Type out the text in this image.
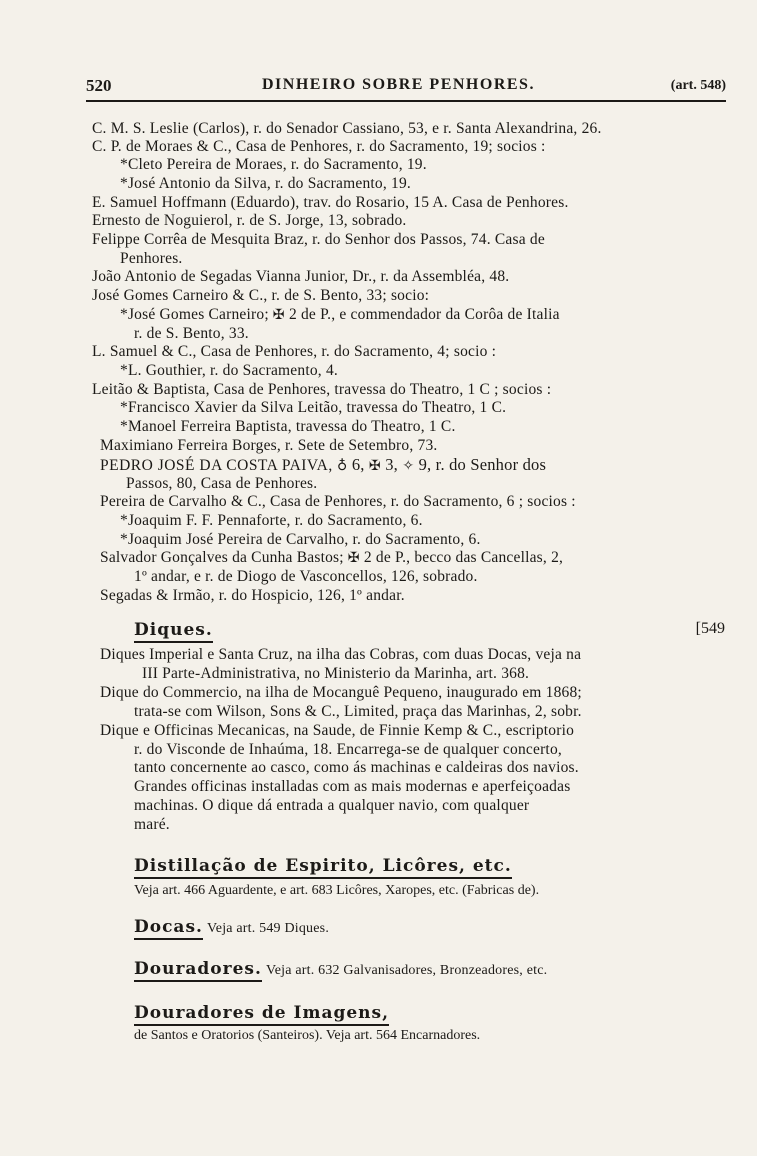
520	DINHEIRO SOBRE PENHORES.	(art. 548)
C. M. S. Leslie (Carlos), r. do Senador Cassiano, 53, e r. Santa Alexandrina, 26.
C. P. de Moraes & C., Casa de Penhores, r. do Sacramento, 19; socios :
*Cleto Pereira de Moraes, r. do Sacramento, 19.
*José Antonio da Silva, r. do Sacramento, 19.
E. Samuel Hoffmann (Eduardo), trav. do Rosario, 15 A. Casa de Penhores.
Ernesto de Noguierol, r. de S. Jorge, 13, sobrado.
Felippe Corrêa de Mesquita Braz, r. do Senhor dos Passos, 74. Casa de
Penhores.
João Antonio de Segadas Vianna Junior, Dr., r. da Assembléa, 48.
José Gomes Carneiro & C., r. de S. Bento, 33; socio:
*José Gomes Carneiro; ✠ 2 de P., e commendador da Corôa de Italia
r. de S. Bento, 33.
L. Samuel & C., Casa de Penhores, r. do Sacramento, 4; socio :
*L. Gouthier, r. do Sacramento, 4.
Leitão & Baptista, Casa de Penhores, travessa do Theatro, 1 C ; socios :
*Francisco Xavier da Silva Leitão, travessa do Theatro, 1 C.
*Manoel Ferreira Baptista, travessa do Theatro, 1 C.
Maximiano Ferreira Borges, r. Sete de Setembro, 73.
PEDRO JOSÉ DA COSTA PAIVA, ♁ 6, ✠ 3, ✧ 9, r. do Senhor dos
Passos, 80, Casa de Penhores.
Pereira de Carvalho & C., Casa de Penhores, r. do Sacramento, 6 ; socios :
*Joaquim F. F. Pennaforte, r. do Sacramento, 6.
*Joaquim José Pereira de Carvalho, r. do Sacramento, 6.
Salvador Gonçalves da Cunha Bastos; ✠ 2 de P., becco das Cancellas, 2,
1º andar, e r. de Diogo de Vasconcellos, 126, sobrado.
Segadas & Irmão, r. do Hospicio, 126, 1º andar.
Diques.	[549
Diques Imperial e Santa Cruz, na ilha das Cobras, com duas Docas, veja na
III Parte-Administrativa, no Ministerio da Marinha, art. 368.
Dique do Commercio, na ilha de Mocanguê Pequeno, inaugurado em 1868;
trata-se com Wilson, Sons & C., Limited, praça das Marinhas, 2, sobr.
Dique e Officinas Mecanicas, na Saude, de Finnie Kemp & C., escriptorio
r. do Visconde de Inhaúma, 18. Encarrega-se de qualquer concerto,
tanto concernente ao casco, como ás machinas e caldeiras dos navios.
Grandes officinas installadas com as mais modernas e aperfeiçoadas
machinas. O dique dá entrada a qualquer navio, com qualquer
maré.
Distillação de Espirito, Licôres, etc.
Veja art. 466 Aguardente, e art. 683 Licôres, Xaropes, etc. (Fabricas de).
Docas. Veja art. 549 Diques.
Douradores. Veja art. 632 Galvanisadores, Bronzeadores, etc.
Douradores de Imagens,
de Santos e Oratorios (Santeiros). Veja art. 564 Encarnadores.
